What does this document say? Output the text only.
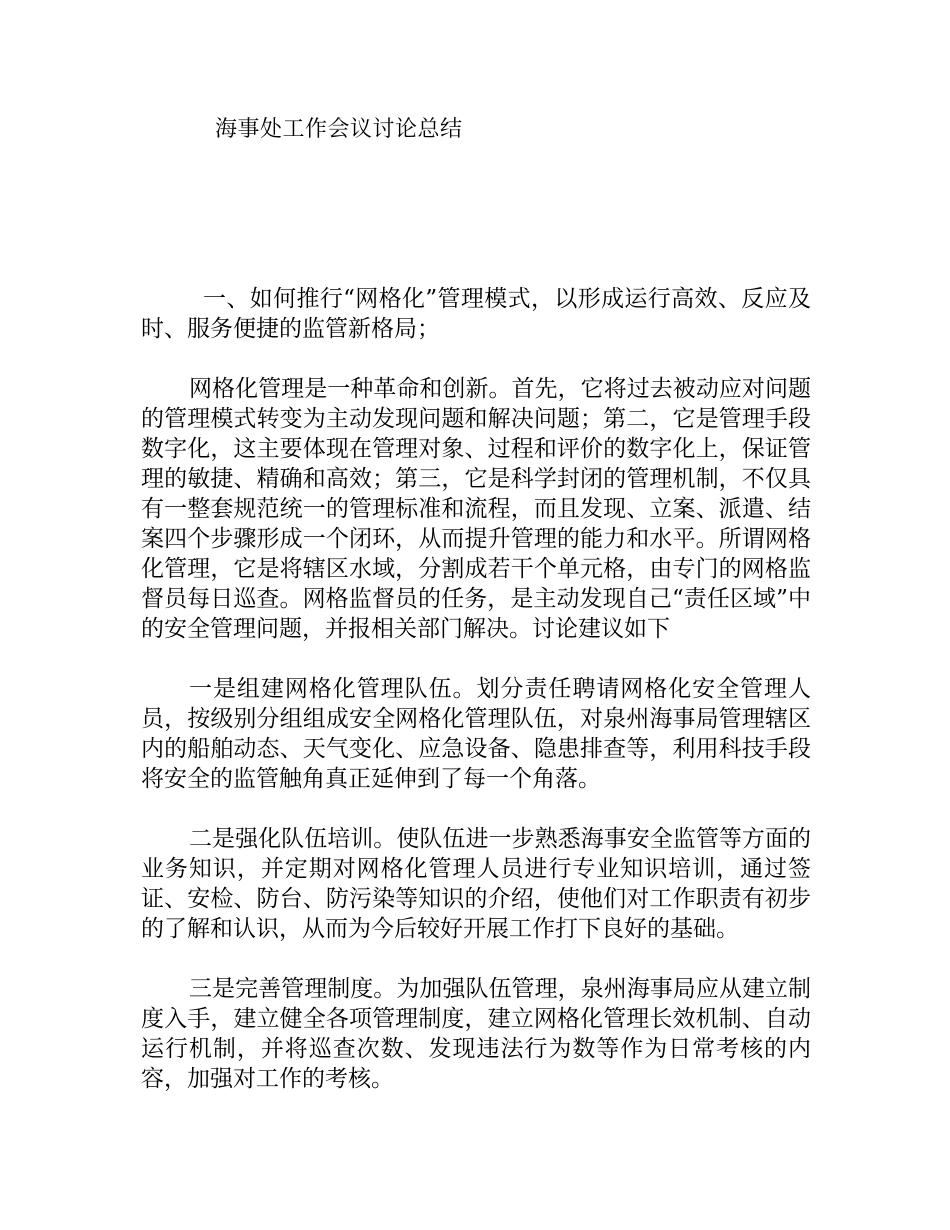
海事处工作会议讨论总结

一、如何推行“网格化”管理模式，以形成运行高效、反应及时、服务便捷的监管新格局；

网格化管理是一种革命和创新。首先，它将过去被动应对问题的管理模式转变为主动发现问题和解决问题；第二，它是管理手段数字化，这主要体现在管理对象、过程和评价的数字化上，保证管理的敏捷、精确和高效；第三，它是科学封闭的管理机制，不仅具有一整套规范统一的管理标准和流程，而且发现、立案、派遣、结案四个步骤形成一个闭环，从而提升管理的能力和水平。所谓网格化管理，它是将辖区水域，分割成若干个单元格，由专门的网格监督员每日巡查。网格监督员的任务，是主动发现自己“责任区域”中的安全管理问题，并报相关部门解决。讨论建议如下

一是组建网格化管理队伍。划分责任聘请网格化安全管理人员，按级别分组组成安全网格化管理队伍，对泉州海事局管理辖区内的船舶动态、天气变化、应急设备、隐患排查等，利用科技手段将安全的监管触角真正延伸到了每一个角落。

二是强化队伍培训。使队伍进一步熟悉海事安全监管等方面的业务知识，并定期对网格化管理人员进行专业知识培训，通过签证、安检、防台、防污染等知识的介绍，使他们对工作职责有初步的了解和认识，从而为今后较好开展工作打下良好的基础。

三是完善管理制度。为加强队伍管理，泉州海事局应从建立制度入手，建立健全各项管理制度，建立网格化管理长效机制、自动运行机制，并将巡查次数、发现违法行为数等作为日常考核的内容，加强对工作的考核。
